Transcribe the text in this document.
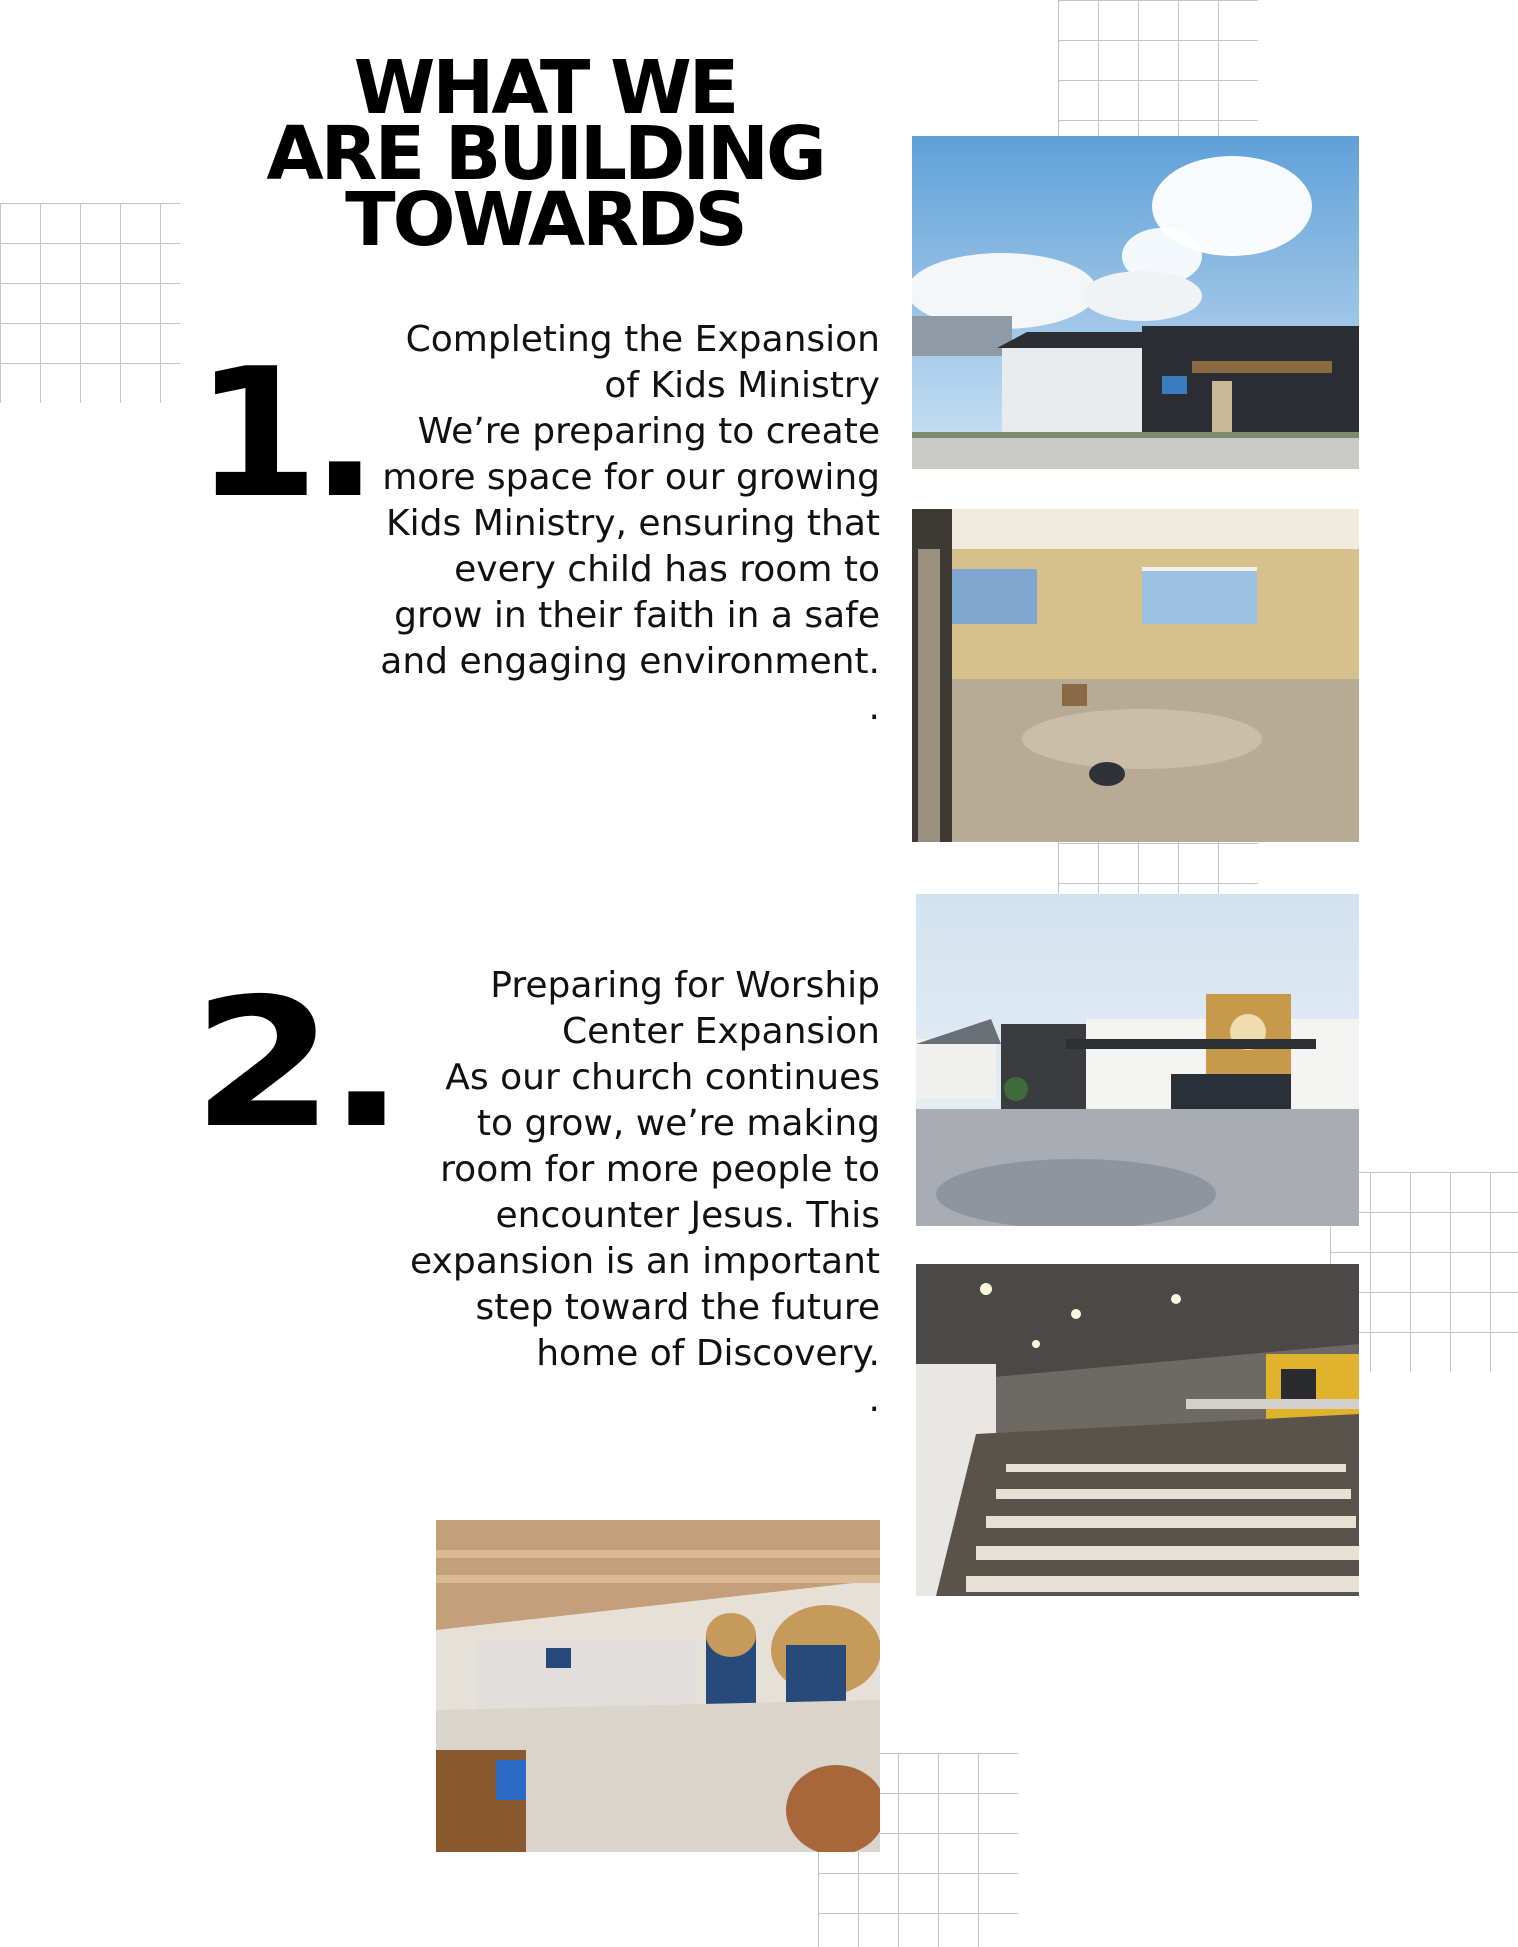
WHAT WE
ARE BUILDING
TOWARDS
1. Completing the Expansion of Kids Ministry
We’re preparing to create more space for our growing Kids Ministry, ensuring that every child has room to grow in their faith in a safe and engaging environment.
.
2.	Preparing for Worship Center Expansion
As our church continues to grow, we’re making room for more people to encounter Jesus. This expansion is an important step toward the future home of Discovery.
.
